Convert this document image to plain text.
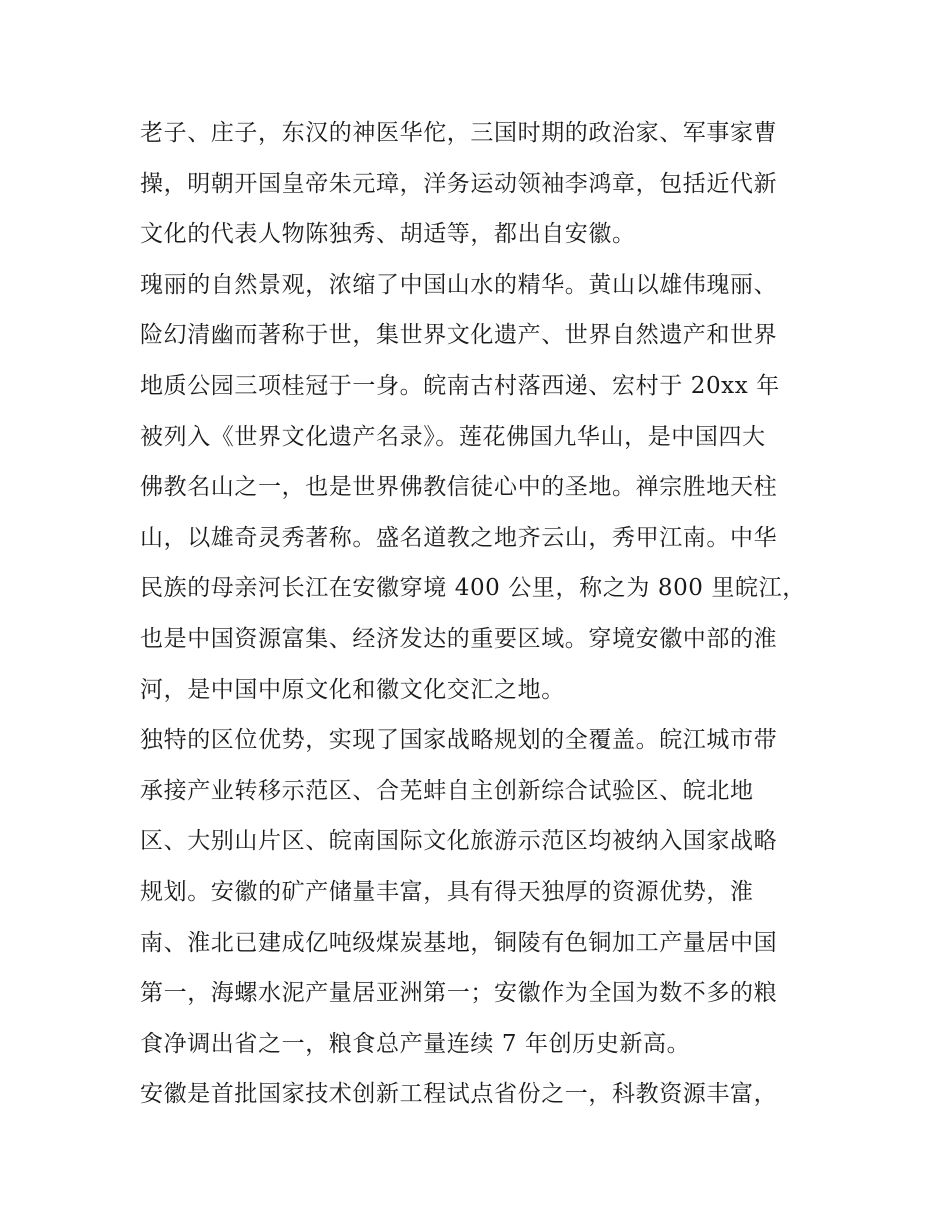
老子、庄子，东汉的神医华佗，三国时期的政治家、军事家曹
操，明朝开国皇帝朱元璋，洋务运动领袖李鸿章，包括近代新
文化的代表人物陈独秀、胡适等，都出自安徽。
瑰丽的自然景观，浓缩了中国山水的精华。黄山以雄伟瑰丽、
险幻清幽而著称于世，集世界文化遗产、世界自然遗产和世界
地质公园三项桂冠于一身。皖南古村落西递、宏村于 20xx 年
被列入《世界文化遗产名录》。莲花佛国九华山，是中国四大
佛教名山之一，也是世界佛教信徒心中的圣地。禅宗胜地天柱
山，以雄奇灵秀著称。盛名道教之地齐云山，秀甲江南。中华
民族的母亲河长江在安徽穿境 400 公里，称之为 800 里皖江，
也是中国资源富集、经济发达的重要区域。穿境安徽中部的淮
河，是中国中原文化和徽文化交汇之地。
独特的区位优势，实现了国家战略规划的全覆盖。皖江城市带
承接产业转移示范区、合芜蚌自主创新综合试验区、皖北地
区、大别山片区、皖南国际文化旅游示范区均被纳入国家战略
规划。安徽的矿产储量丰富，具有得天独厚的资源优势，淮
南、淮北已建成亿吨级煤炭基地，铜陵有色铜加工产量居中国
第一，海螺水泥产量居亚洲第一；安徽作为全国为数不多的粮
食净调出省之一，粮食总产量连续 7 年创历史新高。
安徽是首批国家技术创新工程试点省份之一，科教资源丰富，
